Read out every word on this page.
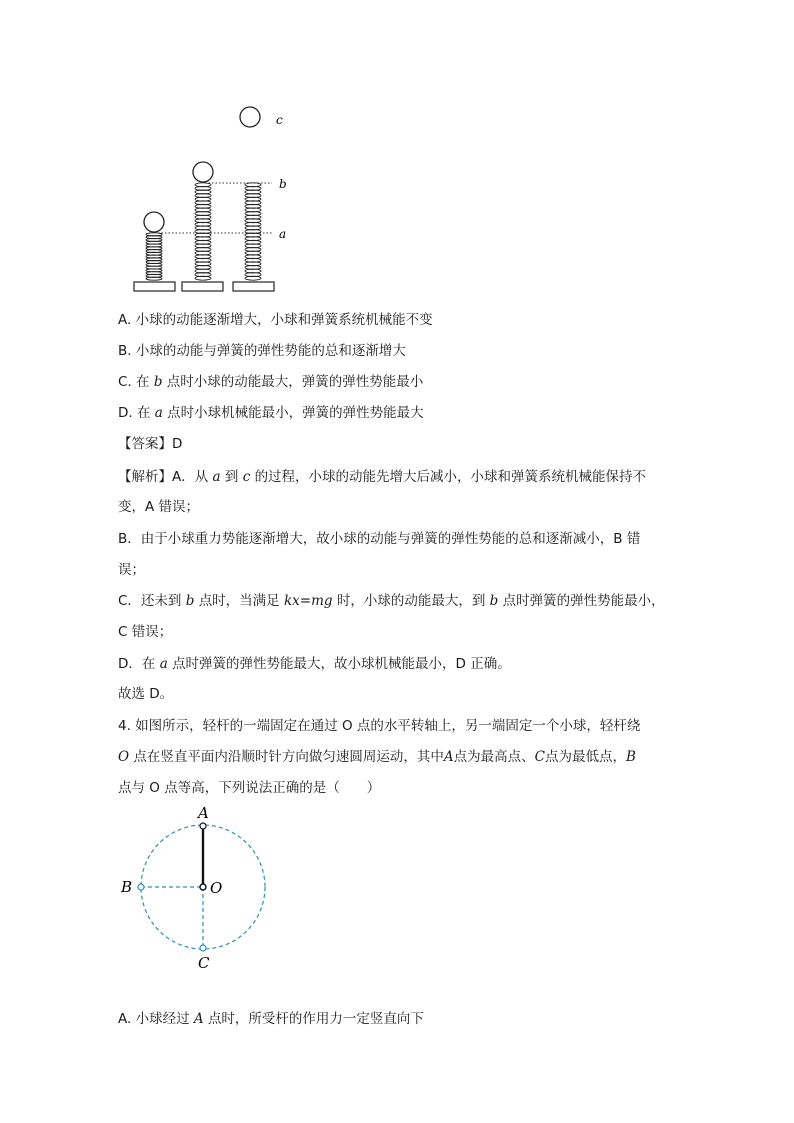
c
b
a
A. 小球的动能逐渐增大，小球和弹簧系统机械能不变
B. 小球的动能与弹簧的弹性势能的总和逐渐增大
C. 在 b 点时小球的动能最大，弹簧的弹性势能最小
D. 在 a 点时小球机械能最小，弹簧的弹性势能最大
【答案】D
【解析】A．从 a 到 c 的过程，小球的动能先增大后减小，小球和弹簧系统机械能保持不
变，A 错误；
B．由于小球重力势能逐渐增大，故小球的动能与弹簧的弹性势能的总和逐渐减小，B 错
误；
C．还未到 b 点时，当满足 kx=mg 时，小球的动能最大，到 b 点时弹簧的弹性势能最小，
C 错误；
D．在 a 点时弹簧的弹性势能最大，故小球机械能最小，D 正确。
故选 D。
4. 如图所示，轻杆的一端固定在通过 O 点的水平转轴上，另一端固定一个小球，轻杆绕
O 点在竖直平面内沿顺时针方向做匀速圆周运动，其中A点为最高点、C点为最低点，B
点与 O 点等高，下列说法正确的是（　　）
A
B	O
C
A. 小球经过 A 点时，所受杆的作用力一定竖直向下
